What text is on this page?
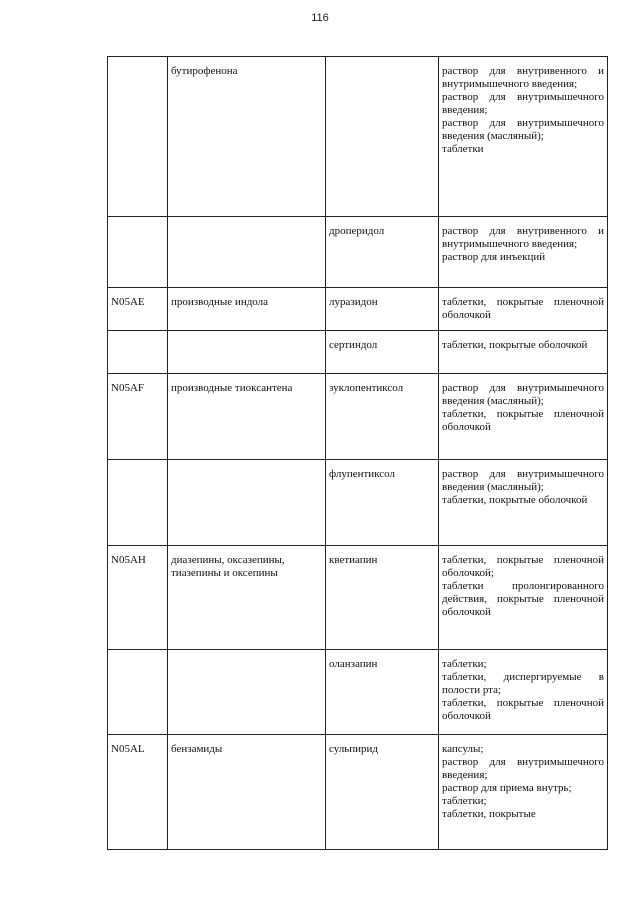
116
	бутирофенона		раствор для внутривенного и внутримышечного введения;
раствор для внутримышечного введения;
раствор для внутримышечного введения (масляный);
таблетки

		дроперидол	раствор для внутривенного и внутримышечного введения;
раствор для инъекций

N05AE	производные индола	луразидон	таблетки, покрытые пленочной оболочкой

		сертиндол	таблетки, покрытые оболочкой

N05AF	производные тиоксантена	зуклопентиксол	раствор для внутримышечного введения (масляный);
таблетки, покрытые пленочной оболочкой

		флупентиксол	раствор для внутримышечного введения (масляный);
таблетки, покрытые оболочкой

N05AH	диазепины, оксазепины, тиазепины и оксепины	кветиапин	таблетки, покрытые пленочной оболочкой;
таблетки пролонгированного действия, покрытые пленочной оболочкой

		оланзапин	таблетки;
таблетки, диспергируемые в полости рта;
таблетки, покрытые пленочной оболочкой

N05AL	бензамиды	сульпирид	капсулы;
раствор для внутримышечного введения;
раствор для приема внутрь;
таблетки;
таблетки, покрытые
